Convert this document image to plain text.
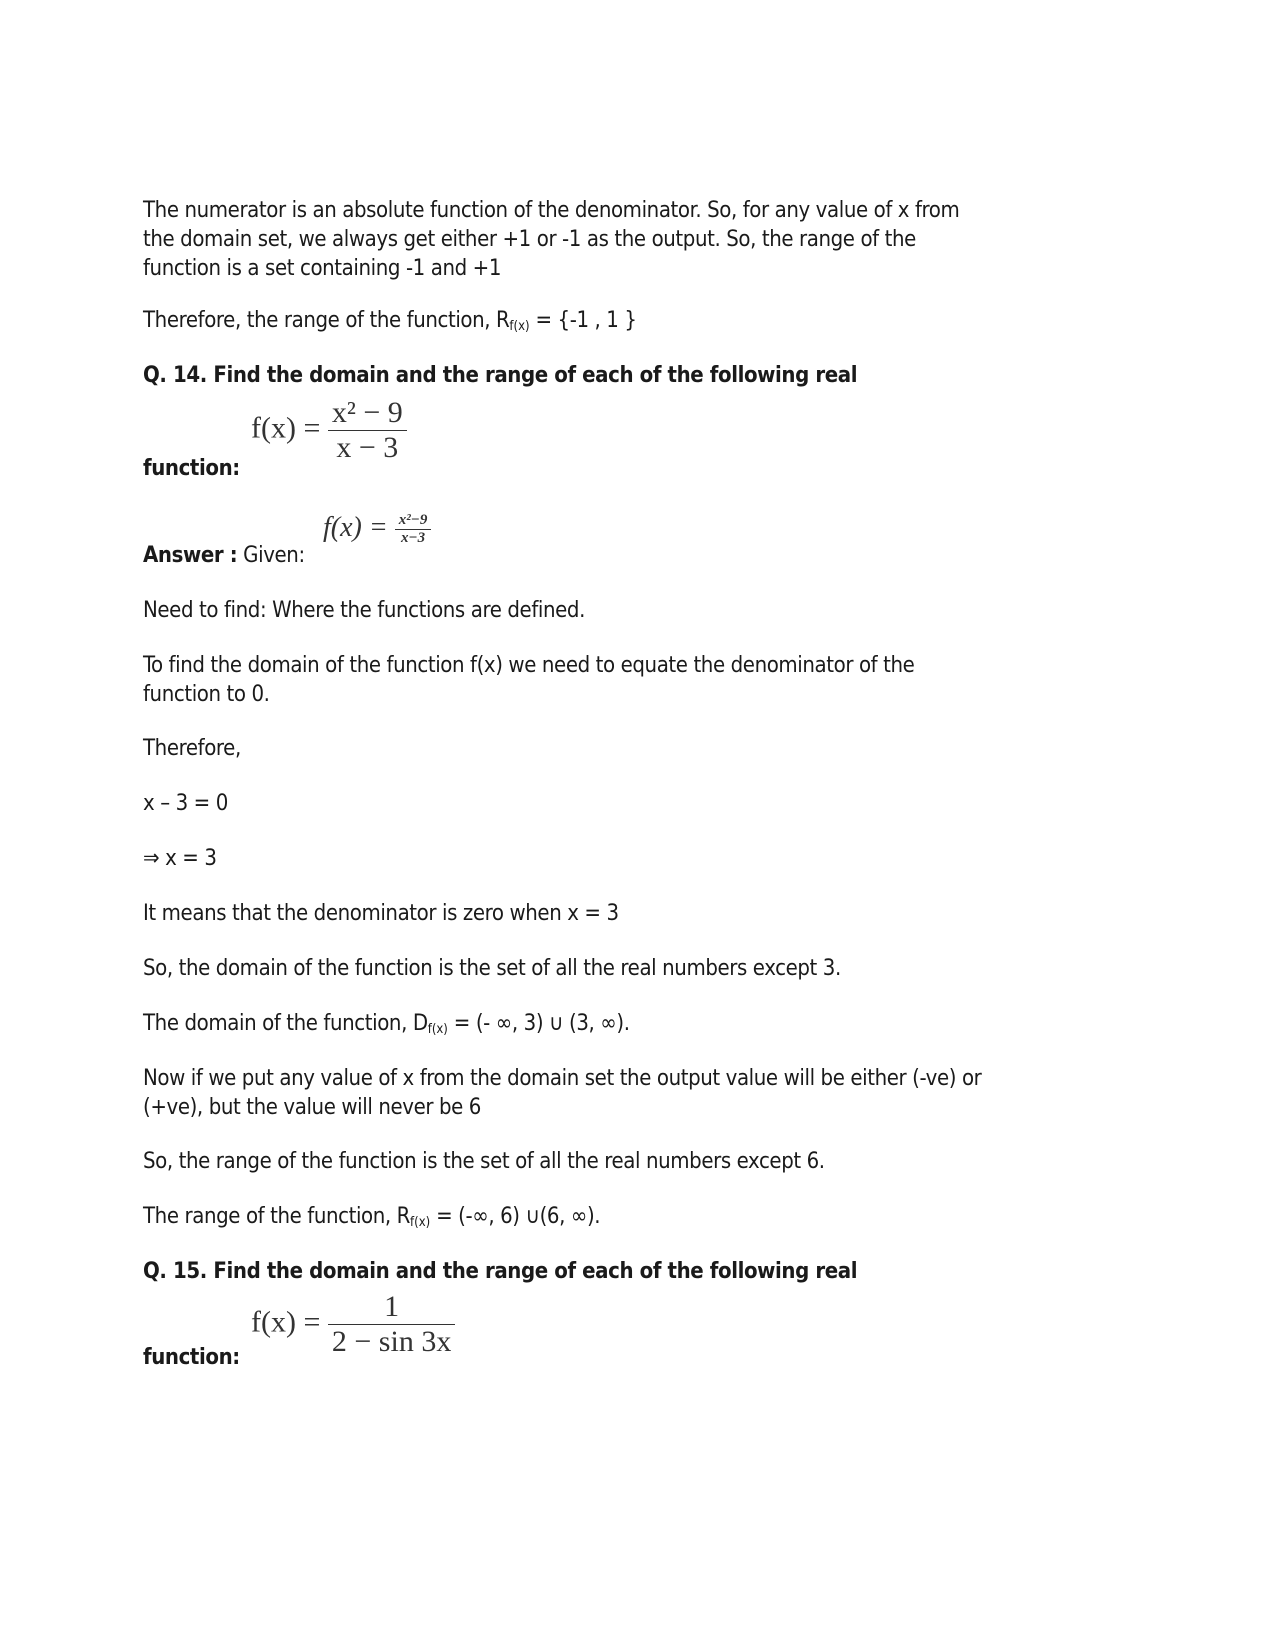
The numerator is an absolute function of the denominator. So, for any value of x from

the domain set, we always get either +1 or -1 as the output. So, the range of the

function is a set containing -1 and +1

Therefore, the range of the function, $R_{f(x)} = \{-1$ , 1 }

Q. 14. Find the domain and the range of each of the following real

$f(x) = \frac{\text{x² − 9}}{x - 3}$

function:

Answer : Given:

$f(x) = \frac{\text{x²−9}}{x-3}$

Need to find: Where the functions are defined.

To find the domain of the function f(x) we need to equate the denominator of the

function to 0.

Therefore,

x – 3 = 0

⇒ x = 3

It means that the denominator is zero when x = 3

So, the domain of the function is the set of all the real numbers except 3.

The domain of the function, $D_{f(x)}$ = (- ∞, 3) ∪ (3, ∞).

Now if we put any value of x from the domain set the output value will be either (-ve) or

(+ve), but the value will never be 6

So, the range of the function is the set of all the real numbers except 6.

The range of the function, $R_{f(x)}$ = (-∞, 6) ∪(6, ∞).

Q. 15. Find the domain and the range of each of the following real

$f(x) = \frac{1}{2 - \sin 3x}$

function:
